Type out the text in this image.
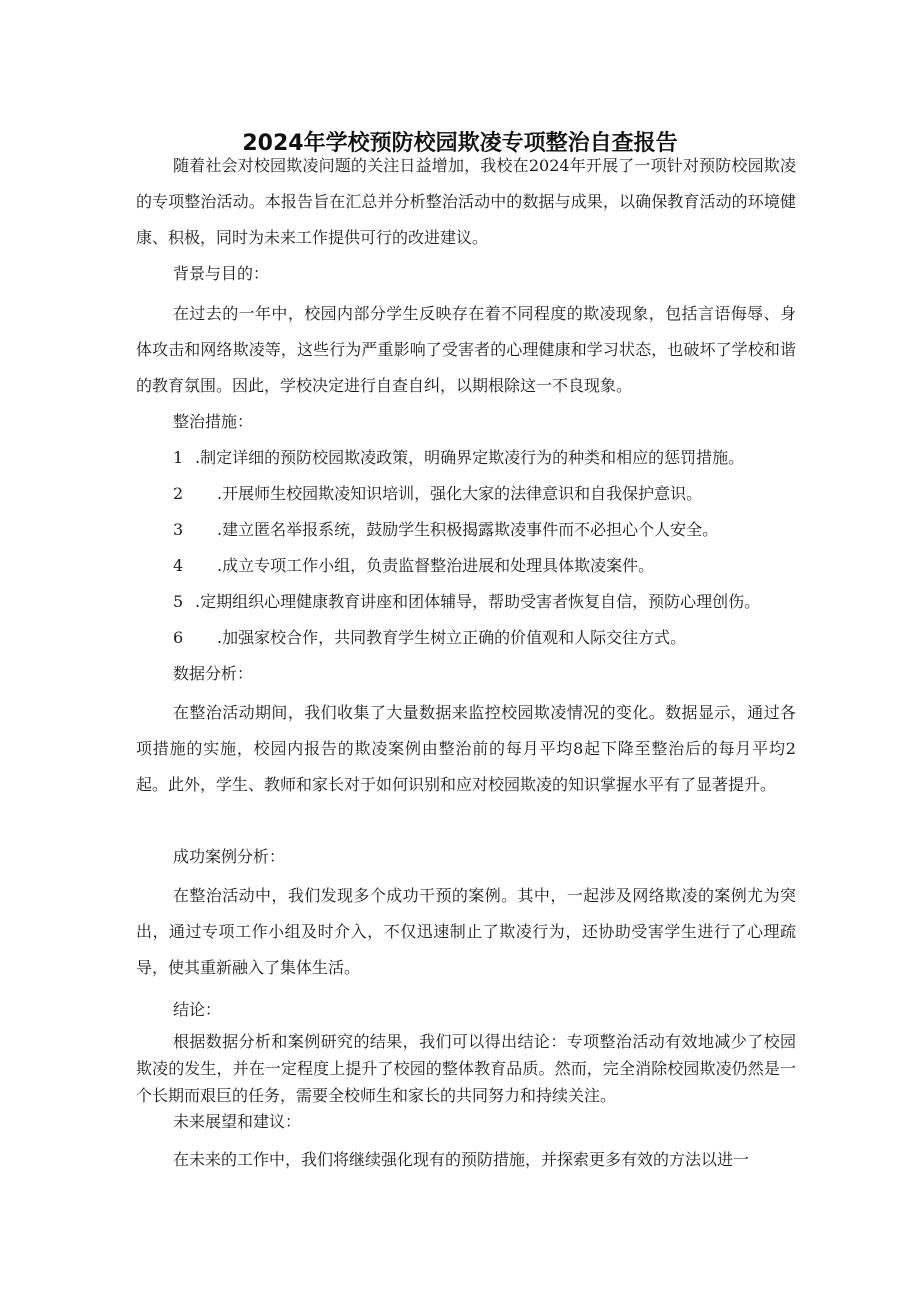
2024年学校预防校园欺凌专项整治自查报告

随着社会对校园欺凌问题的关注日益增加，我校在2024年开展了一项针对预防校园欺凌的专项整治活动。本报告旨在汇总并分析整治活动中的数据与成果，以确保教育活动的环境健康、积极，同时为未来工作提供可行的改进建议。

背景与目的：

在过去的一年中，校园内部分学生反映存在着不同程度的欺凌现象，包括言语侮辱、身体攻击和网络欺凌等，这些行为严重影响了受害者的心理健康和学习状态，也破坏了学校和谐的教育氛围。因此，学校决定进行自查自纠，以期根除这一不良现象。

整治措施：

1 .制定详细的预防校园欺凌政策，明确界定欺凌行为的种类和相应的惩罚措施。
2 .开展师生校园欺凌知识培训，强化大家的法律意识和自我保护意识。
3 .建立匿名举报系统，鼓励学生积极揭露欺凌事件而不必担心个人安全。
4 .成立专项工作小组，负责监督整治进展和处理具体欺凌案件。
5 .定期组织心理健康教育讲座和团体辅导，帮助受害者恢复自信，预防心理创伤。
6 .加强家校合作，共同教育学生树立正确的价值观和人际交往方式。

数据分析：

在整治活动期间，我们收集了大量数据来监控校园欺凌情况的变化。数据显示，通过各项措施的实施，校园内报告的欺凌案例由整治前的每月平均8起下降至整治后的每月平均2起。此外，学生、教师和家长对于如何识别和应对校园欺凌的知识掌握水平有了显著提升。

成功案例分析：

在整治活动中，我们发现多个成功干预的案例。其中，一起涉及网络欺凌的案例尤为突出，通过专项工作小组及时介入，不仅迅速制止了欺凌行为，还协助受害学生进行了心理疏导，使其重新融入了集体生活。

结论：

根据数据分析和案例研究的结果，我们可以得出结论：专项整治活动有效地减少了校园欺凌的发生，并在一定程度上提升了校园的整体教育品质。然而，完全消除校园欺凌仍然是一个长期而艰巨的任务，需要全校师生和家长的共同努力和持续关注。

未来展望和建议：

在未来的工作中，我们将继续强化现有的预防措施，并探索更多有效的方法以进一
